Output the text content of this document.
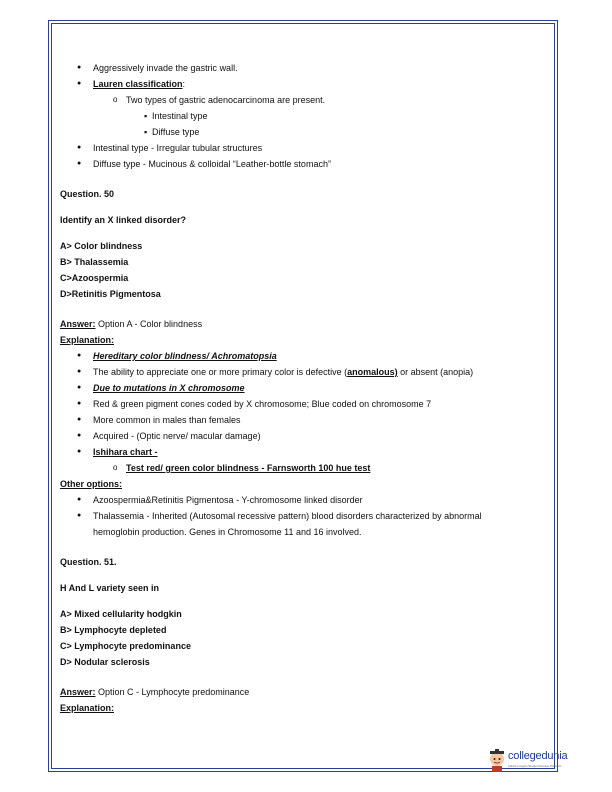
● Aggressively invade the gastric wall.
● Lauren classification:
o Two types of gastric adenocarcinoma are present.
▪ Intestinal type
▪ Diffuse type
● Intestinal type - Irregular tubular structures
● Diffuse type - Mucinous & colloidal “Leather-bottle stomach”
Question. 50
Identify an X linked disorder?
A> Color blindness
B> Thalassemia
C>Azoospermia
D>Retinitis Pigmentosa
Answer: Option A - Color blindness
Explanation:
● Hereditary color blindness/ Achromatopsia
● The ability to appreciate one or more primary color is defective (anomalous) or absent (anopia)
● Due to mutations in X chromosome
● Red & green pigment cones coded by X chromosome; Blue coded on chromosome 7
● More common in males than females
● Acquired - (Optic nerve/ macular damage)
● Ishihara chart -
o Test red/ green color blindness - Farnsworth 100 hue test
Other options:
● Azoospermia&Retinitis Pigmentosa - Y-chromosome linked disorder
● Thalassemia - Inherited (Autosomal recessive pattern) blood disorders characterized by abnormal
hemoglobin production. Genes in Chromosome 11 and 16 involved.
Question. 51.
H And L variety seen in
A> Mixed cellularity hodgkin
B> Lymphocyte depleted
C> Lymphocyte predominance
D> Nodular sclerosis
Answer: Option C - Lymphocyte predominance
Explanation:
collegedunia
India's Largest Student Review Platform
